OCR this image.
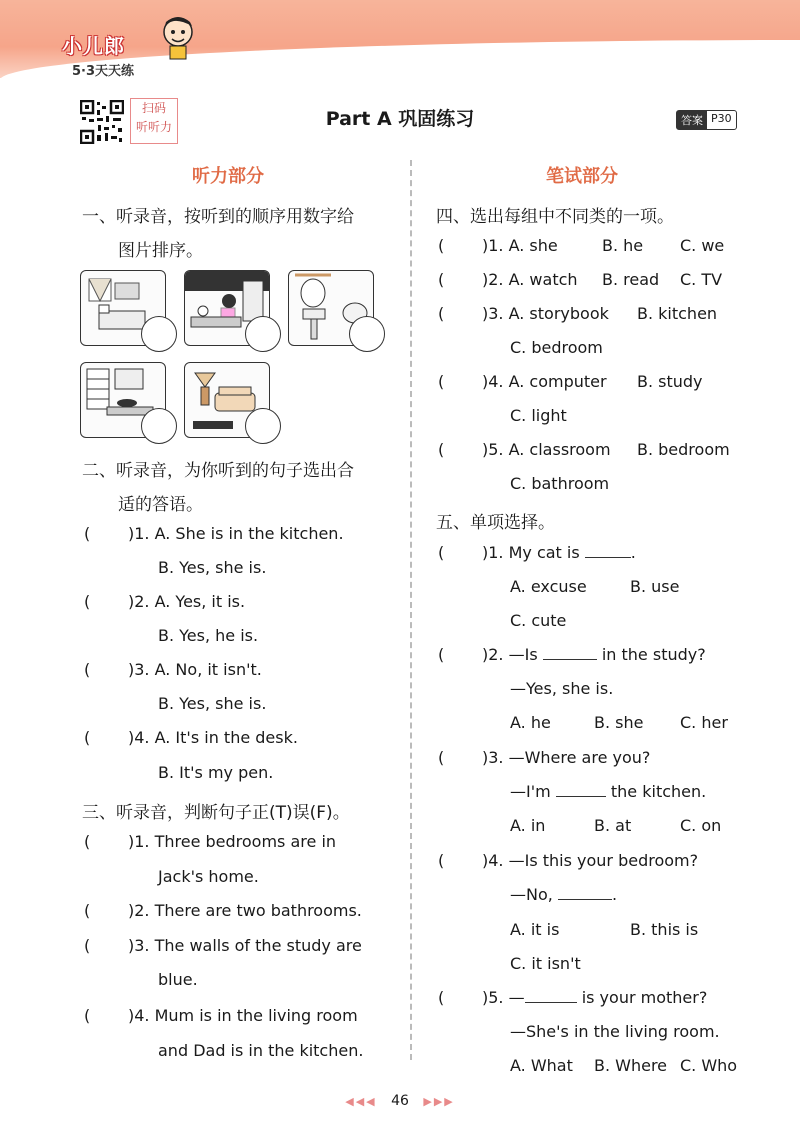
小儿郎
5·3天天练
扫码
听听力	Part A 巩固练习	答案 P30
听力部分
一、听录音，按听到的顺序用数字给
图片排序。
二、听录音，为你听到的句子选出合
适的答语。
( )1. A. She is in the kitchen.
B. Yes, she is.
( )2. A. Yes, it is.
B. Yes, he is.
( )3. A. No, it isn't.
B. Yes, she is.
( )4. A. It's in the desk.
B. It's my pen.
三、听录音，判断句子正(T)误(F)。
( )1. Three bedrooms are in
Jack's home.
( )2. There are two bathrooms.
( )3. The walls of the study are
blue.
( )4. Mum is in the living room
and Dad is in the kitchen.
笔试部分
四、选出每组中不同类的一项。
( )1. A. she	B. he C. we
( )2. A. watch B. read C. TV
( )3. A. storybook B. kitchen
C. bedroom
( )4. A. computer B. study
C. light
( )5. A. classroom B. bedroom
C. bathroom
五、单项选择。
( )1. My cat is	.
A. excuse	B. use
C. cute
( )2. —Is	in the study?
—Yes, she is.
A. he	B. she C. her
( )3. —Where are you?
—I'm	the kitchen.
A. in	B. at	C. on
( )4. —Is this your bedroom?
—No,	.
A. it is	B. this is
C. it isn't
( )5. —	is your mother?
—She's in the living room.
A. What B. Where C. Who
◀◀◀ 46 ▶▶▶
